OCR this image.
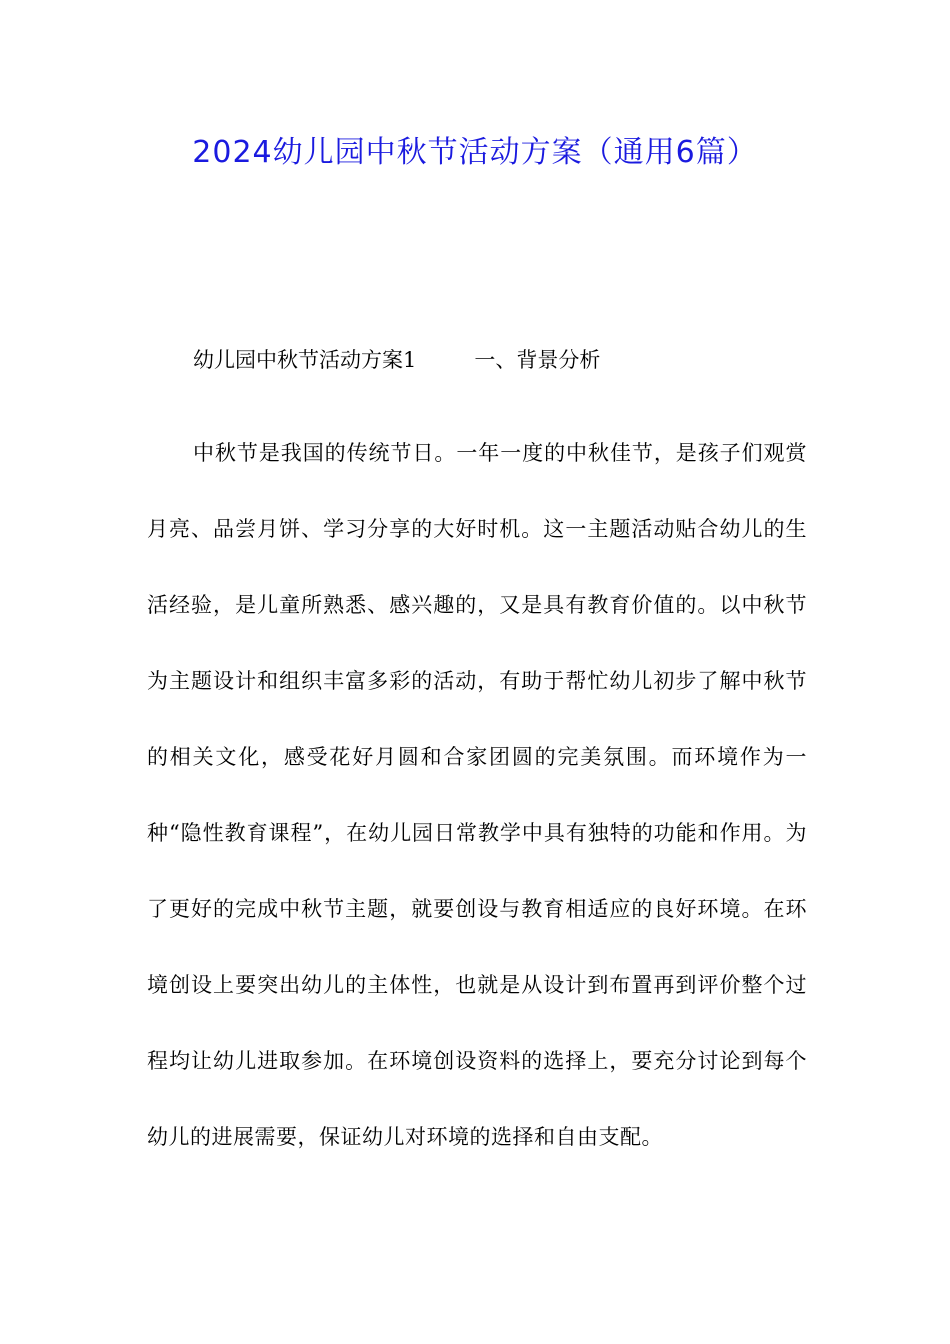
2024幼儿园中秋节活动方案（通用6篇）

幼儿园中秋节活动方案1	一、背景分析

中秋节是我国的传统节日。一年一度的中秋佳节，是孩子们观赏月亮、品尝月饼、学习分享的大好时机。这一主题活动贴合幼儿的生活经验，是儿童所熟悉、感兴趣的，又是具有教育价值的。以中秋节为主题设计和组织丰富多彩的活动，有助于帮忙幼儿初步了解中秋节的相关文化，感受花好月圆和合家团圆的完美氛围。而环境作为一种“隐性教育课程”，在幼儿园日常教学中具有独特的功能和作用。为了更好的完成中秋节主题，就要创设与教育相适应的良好环境。在环境创设上要突出幼儿的主体性，也就是从设计到布置再到评价整个过程均让幼儿进取参加。在环境创设资料的选择上，要充分讨论到每个幼儿的进展需要，保证幼儿对环境的选择和自由支配。
